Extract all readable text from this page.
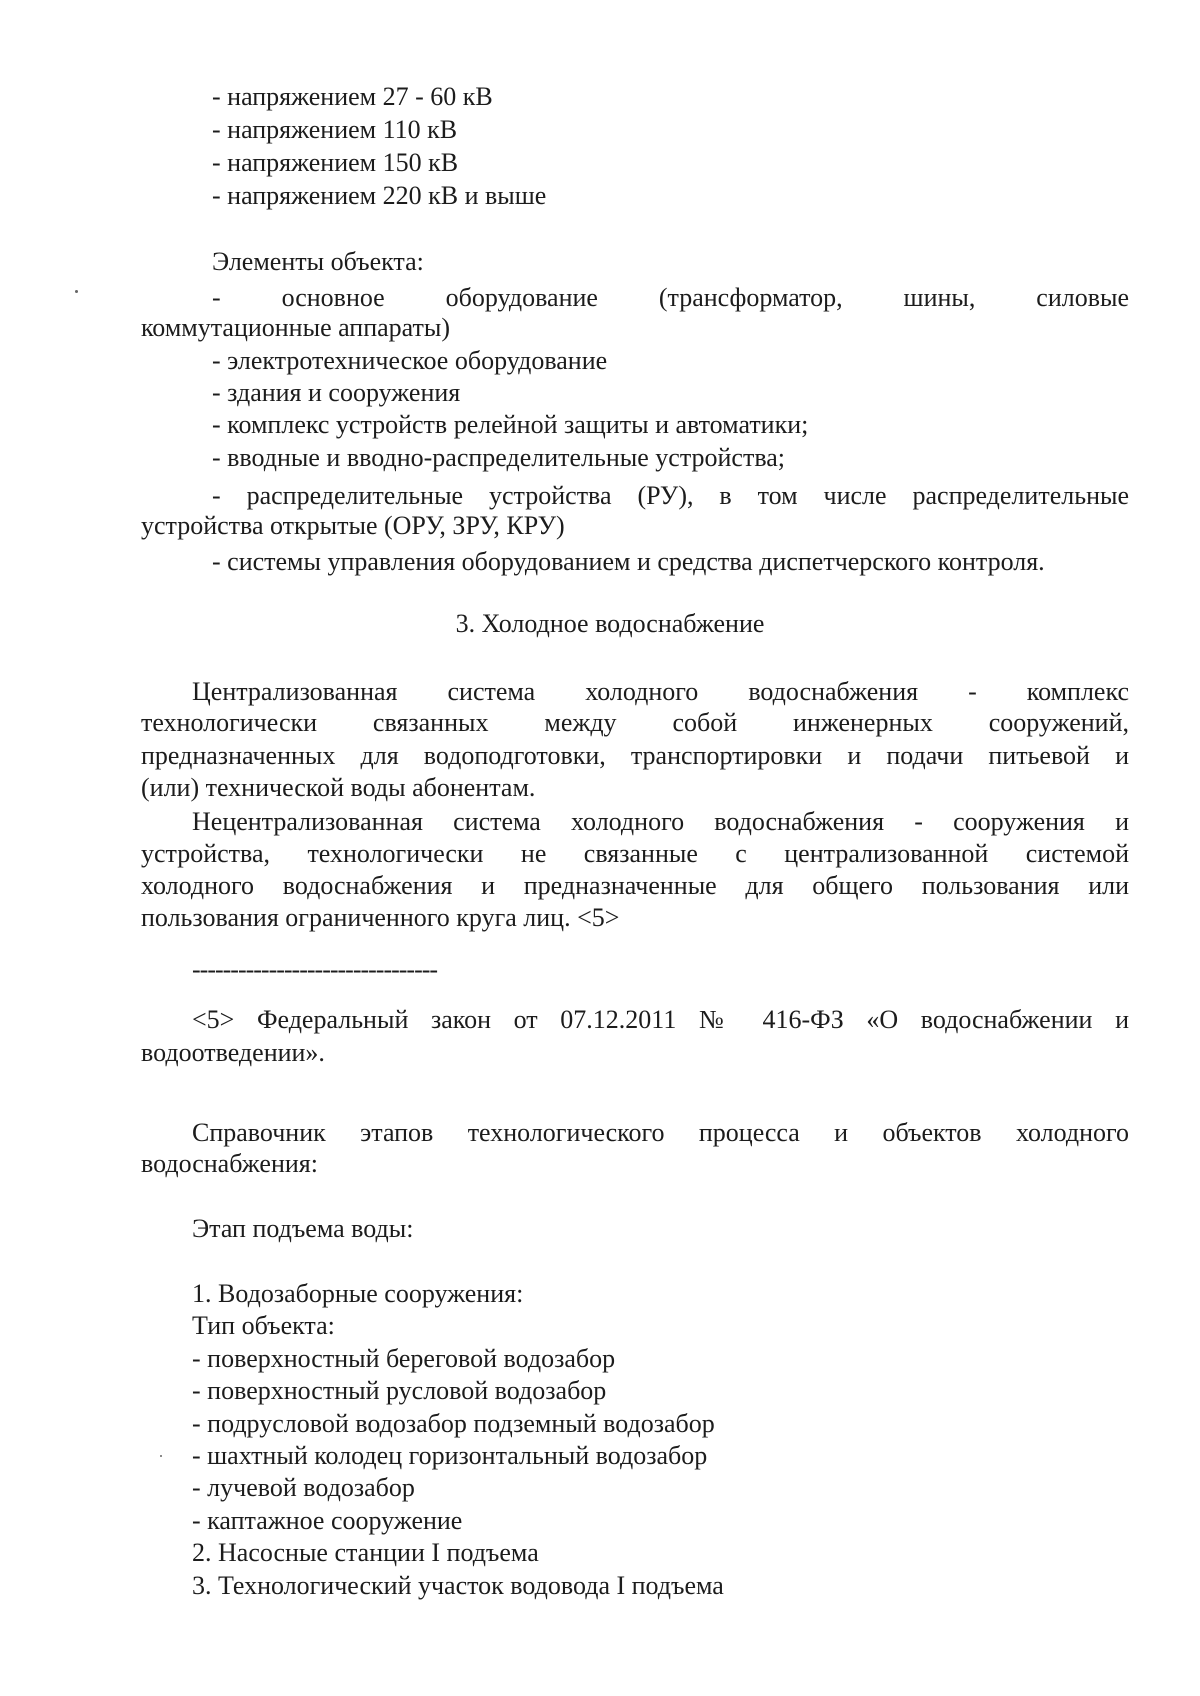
- напряжением 27 - 60 кВ
- напряжением 110 кВ
- напряжением 150 кВ
- напряжением 220 кВ и выше
Элементы объекта:
- основное оборудование (трансформатор, шины, силовые
коммутационные аппараты)
- электротехническое оборудование
- здания и сооружения
- комплекс устройств релейной защиты и автоматики;
- вводные и вводно-распределительные устройства;
- распределительные устройства (РУ), в том числе распределительные
устройства открытые (ОРУ, ЗРУ, КРУ)
- системы управления оборудованием и средства диспетчерского контроля.
3. Холодное водоснабжение
Централизованная система холодного водоснабжения - комплекс
технологически связанных между собой инженерных сооружений,
предназначенных для водоподготовки, транспортировки и подачи питьевой и
(или) технической воды абонентам.
Нецентрализованная система холодного водоснабжения - сооружения и
устройства, технологически не связанные с централизованной системой
холодного водоснабжения и предназначенные для общего пользования или
пользования ограниченного круга лиц. <5>
--------------------------------
<5> Федеральный закон от 07.12.2011 № 416-ФЗ «О водоснабжении и
водоотведении».
Справочник этапов технологического процесса и объектов холодного
водоснабжения:
Этап подъема воды:
1. Водозаборные сооружения:
Тип объекта:
- поверхностный береговой водозабор
- поверхностный русловой водозабор
- подрусловой водозабор подземный водозабор
- шахтный колодец горизонтальный водозабор
- лучевой водозабор
- каптажное сооружение
2. Насосные станции I подъема
3. Технологический участок водовода I подъема
